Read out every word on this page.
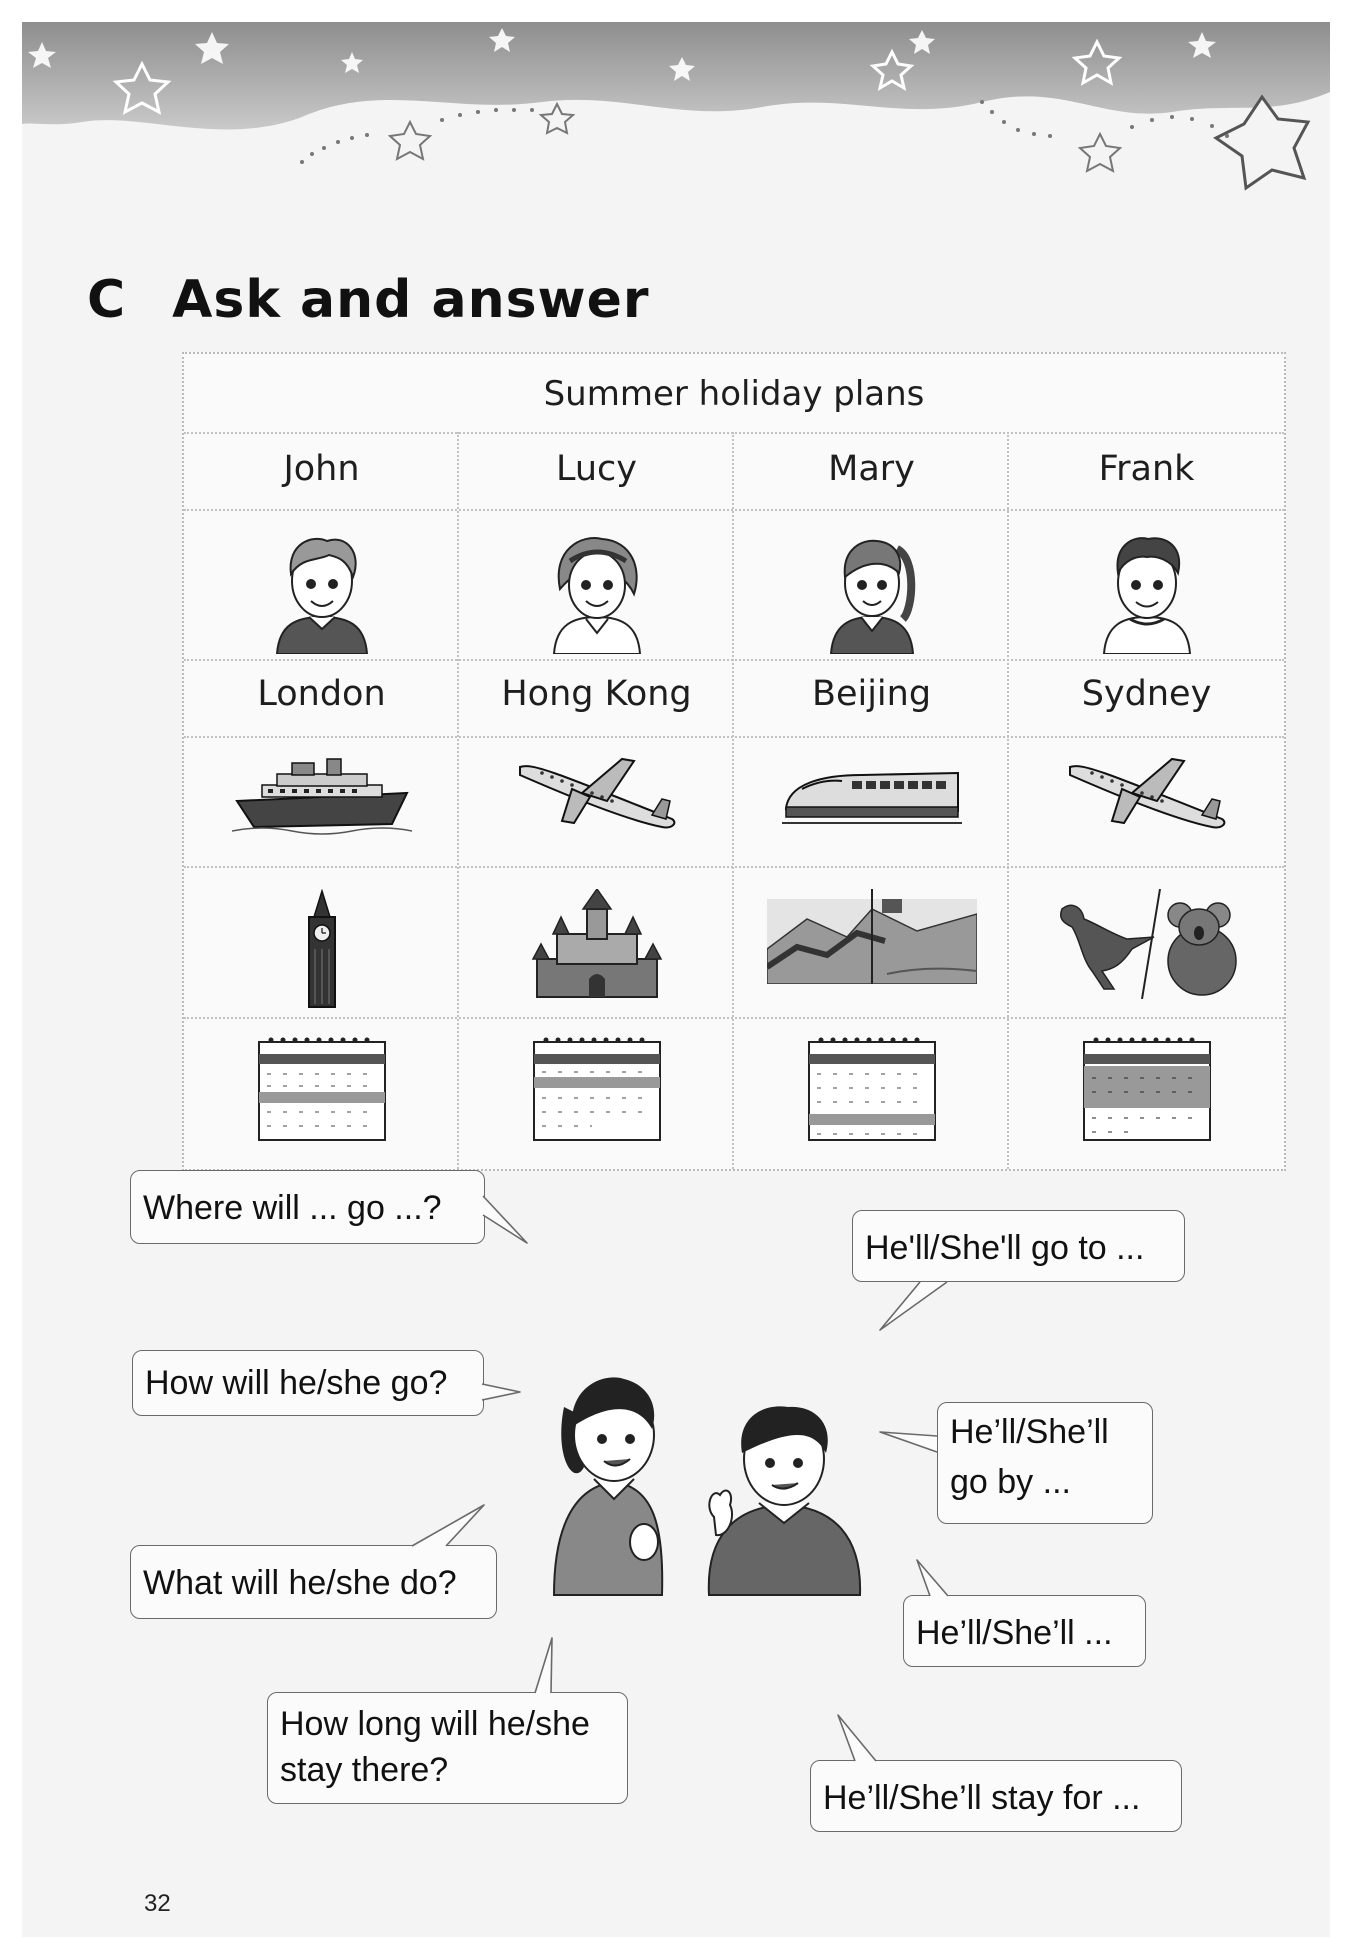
C Ask and answer
Summer holiday plans
John
London
Lucy
Hong Kong
Mary
Beijing
Frank
Sydney
Where will ... go ...?
How will he/she go?
What will he/she do?
How long will he/she
stay there?
He'll/She'll go to ...
He’ll/She’ll
go by ...
He’ll/She’ll ...
He’ll/She’ll stay for ...
32
